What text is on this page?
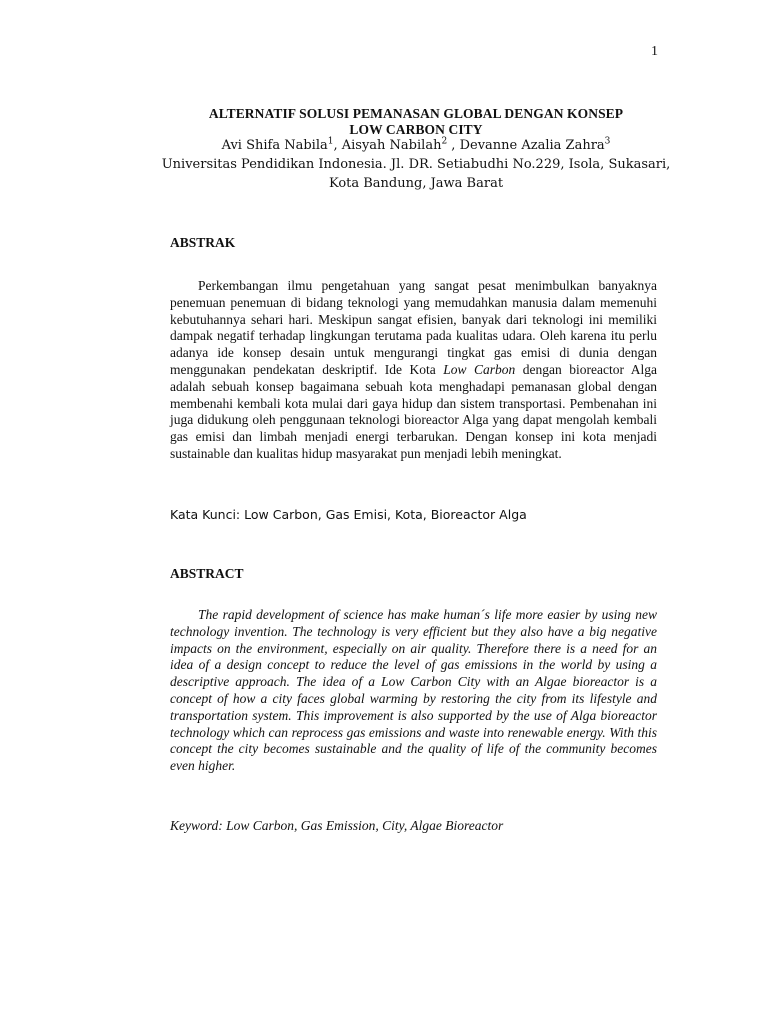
1
ALTERNATIF SOLUSI PEMANASAN GLOBAL DENGAN KONSEP
LOW CARBON CITY
Avi Shifa Nabila$^1$, Aisyah Nabilah$^2$ , Devanne Azalia Zahra$^3$
Universitas Pendidikan Indonesia. Jl. DR. Setiabudhi No.229, Isola, Sukasari,
Kota Bandung, Jawa Barat
ABSTRAK

Perkembangan ilmu pengetahuan yang sangat pesat menimbulkan banyaknya penemuan penemuan di bidang teknologi yang memudahkan manusia dalam memenuhi kebutuhannya sehari hari. Meskipun sangat efisien, banyak dari teknologi ini memiliki dampak negatif terhadap lingkungan terutama pada kualitas udara. Oleh karena itu perlu adanya ide konsep desain untuk mengurangi tingkat gas emisi di dunia dengan menggunakan pendekatan deskriptif. Ide Kota Low Carbon dengan bioreactor Alga adalah sebuah konsep bagaimana sebuah kota menghadapi pemanasan global dengan membenahi kembali kota mulai dari gaya hidup dan sistem transportasi. Pembenahan ini juga didukung oleh penggunaan teknologi bioreactor Alga yang dapat mengolah kembali gas emisi dan limbah menjadi energi terbarukan. Dengan konsep ini kota menjadi sustainable dan kualitas hidup masyarakat pun menjadi lebih meningkat.

Kata Kunci: Low Carbon, Gas Emisi, Kota, Bioreactor Alga
ABSTRACT

The rapid development of science has make human´s life more easier by using new technology invention. The technology is very efficient but they also have a big negative impacts on the environment, especially on air quality. Therefore there is a need for an idea of a design concept to reduce the level of gas emissions in the world by using a descriptive approach. The idea of a Low Carbon City with an Algae bioreactor is a concept of how a city faces global warming by restoring the city from its lifestyle and transportation system. This improvement is also supported by the use of Alga bioreactor technology which can reprocess gas emissions and waste into renewable energy. With this concept the city becomes sustainable and the quality of life of the community becomes even higher.

Keyword: Low Carbon, Gas Emission, City, Algae Bioreactor
